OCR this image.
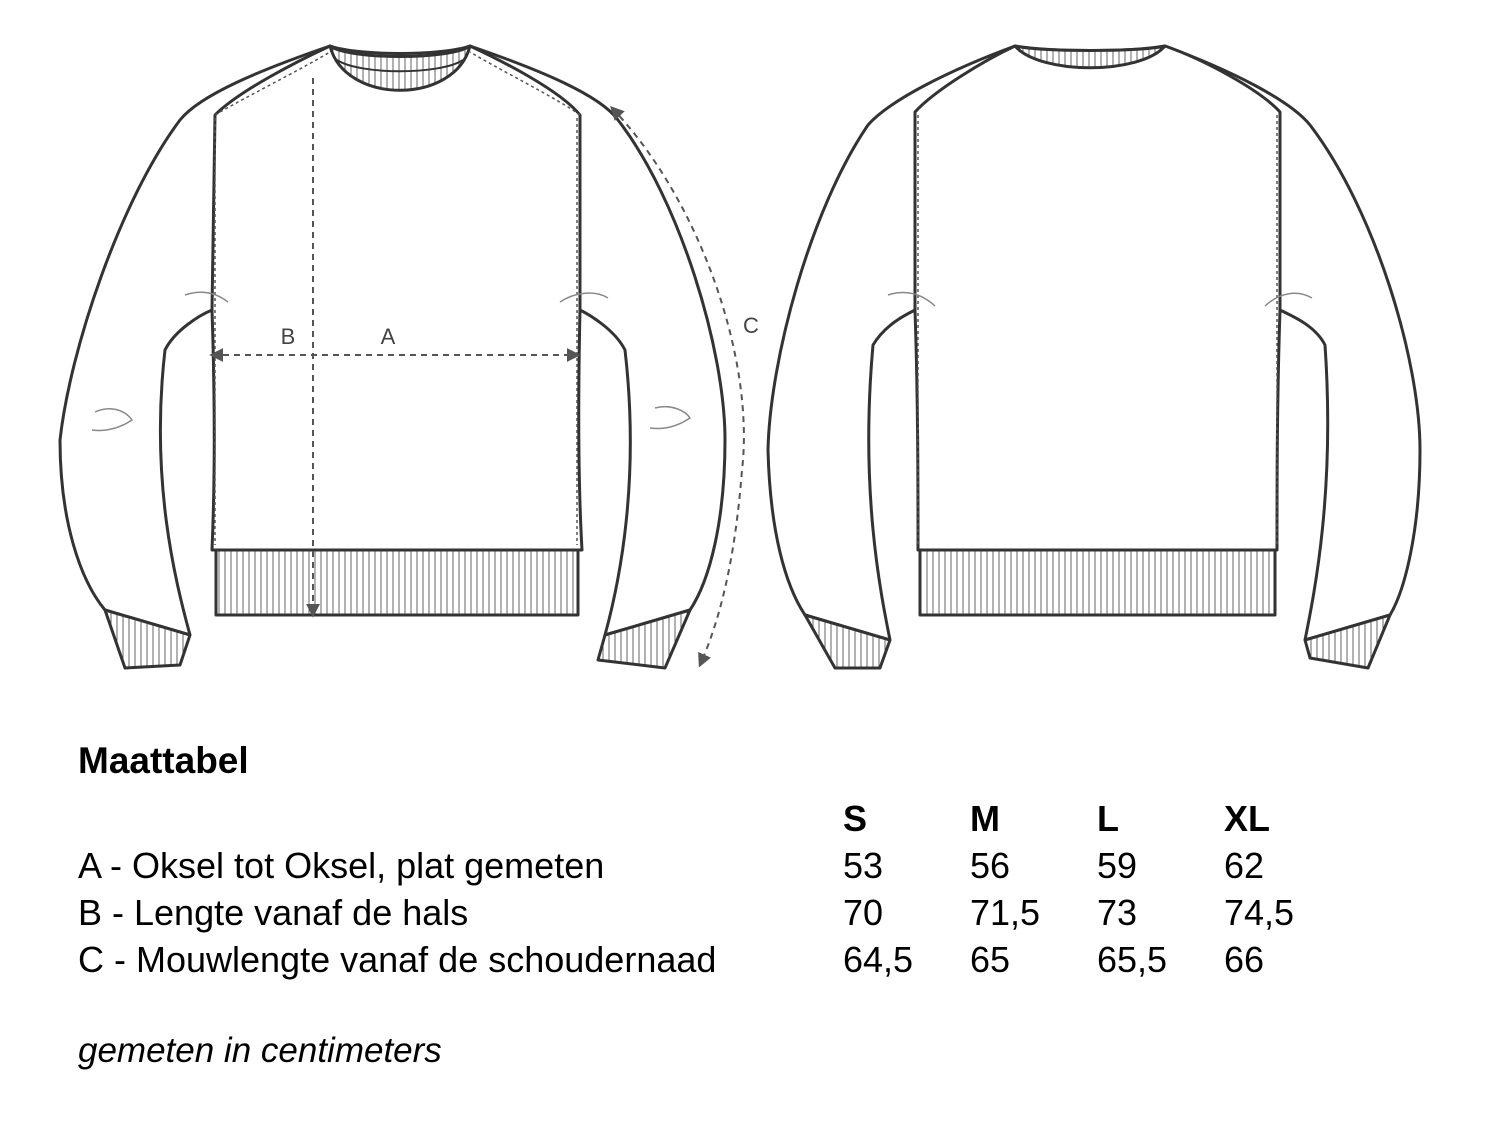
B	A	C
Maattabel
	S	M	L	XL
A - Oksel tot Oksel, plat gemeten	53	56	59	62
B - Lengte vanaf de hals	70	71,5	73	74,5
C - Mouwlengte vanaf de schoudernaad	64,5	65	65,5	66
gemeten in centimeters
